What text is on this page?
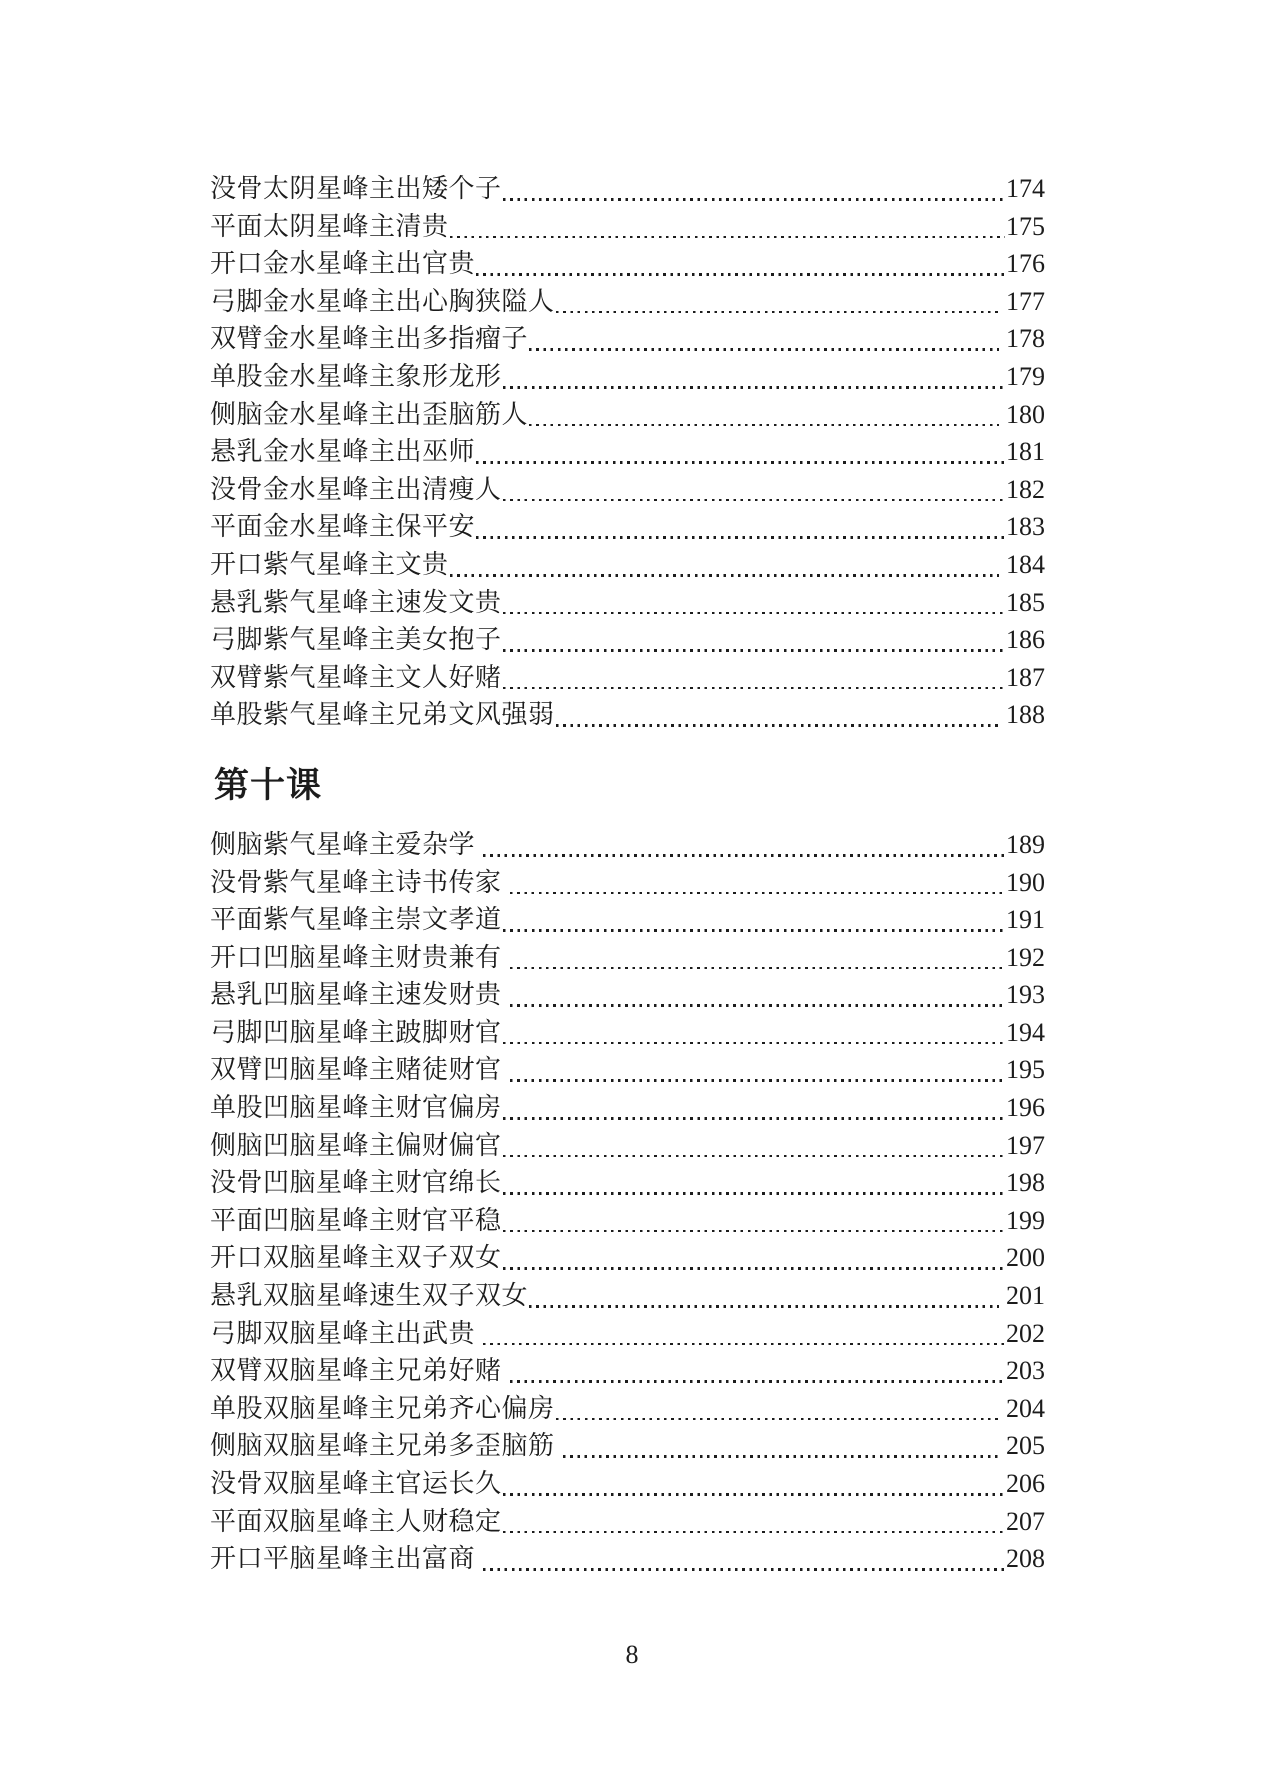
没骨太阴星峰主出矮个子	174
平面太阴星峰主清贵	175
开口金水星峰主出官贵	176
弓脚金水星峰主出心胸狭隘人	177
双臂金水星峰主出多指瘤子	178
单股金水星峰主象形龙形	179
侧脑金水星峰主出歪脑筋人	180
悬乳金水星峰主出巫师	181
没骨金水星峰主出清瘦人	182
平面金水星峰主保平安	183
开口紫气星峰主文贵	184
悬乳紫气星峰主速发文贵	185
弓脚紫气星峰主美女抱子	186
双臂紫气星峰主文人好赌	187
单股紫气星峰主兄弟文风强弱	188
第十课
侧脑紫气星峰主爱杂学	189
没骨紫气星峰主诗书传家	190
平面紫气星峰主崇文孝道	191
开口凹脑星峰主财贵兼有	192
悬乳凹脑星峰主速发财贵	193
弓脚凹脑星峰主跛脚财官	194
双臂凹脑星峰主赌徒财官	195
单股凹脑星峰主财官偏房	196
侧脑凹脑星峰主偏财偏官	197
没骨凹脑星峰主财官绵长	198
平面凹脑星峰主财官平稳	199
开口双脑星峰主双子双女	200
悬乳双脑星峰速生双子双女	201
弓脚双脑星峰主出武贵	202
双臂双脑星峰主兄弟好赌	203
单股双脑星峰主兄弟齐心偏房	204
侧脑双脑星峰主兄弟多歪脑筋	205
没骨双脑星峰主官运长久	206
平面双脑星峰主人财稳定	207
开口平脑星峰主出富商	208
8
